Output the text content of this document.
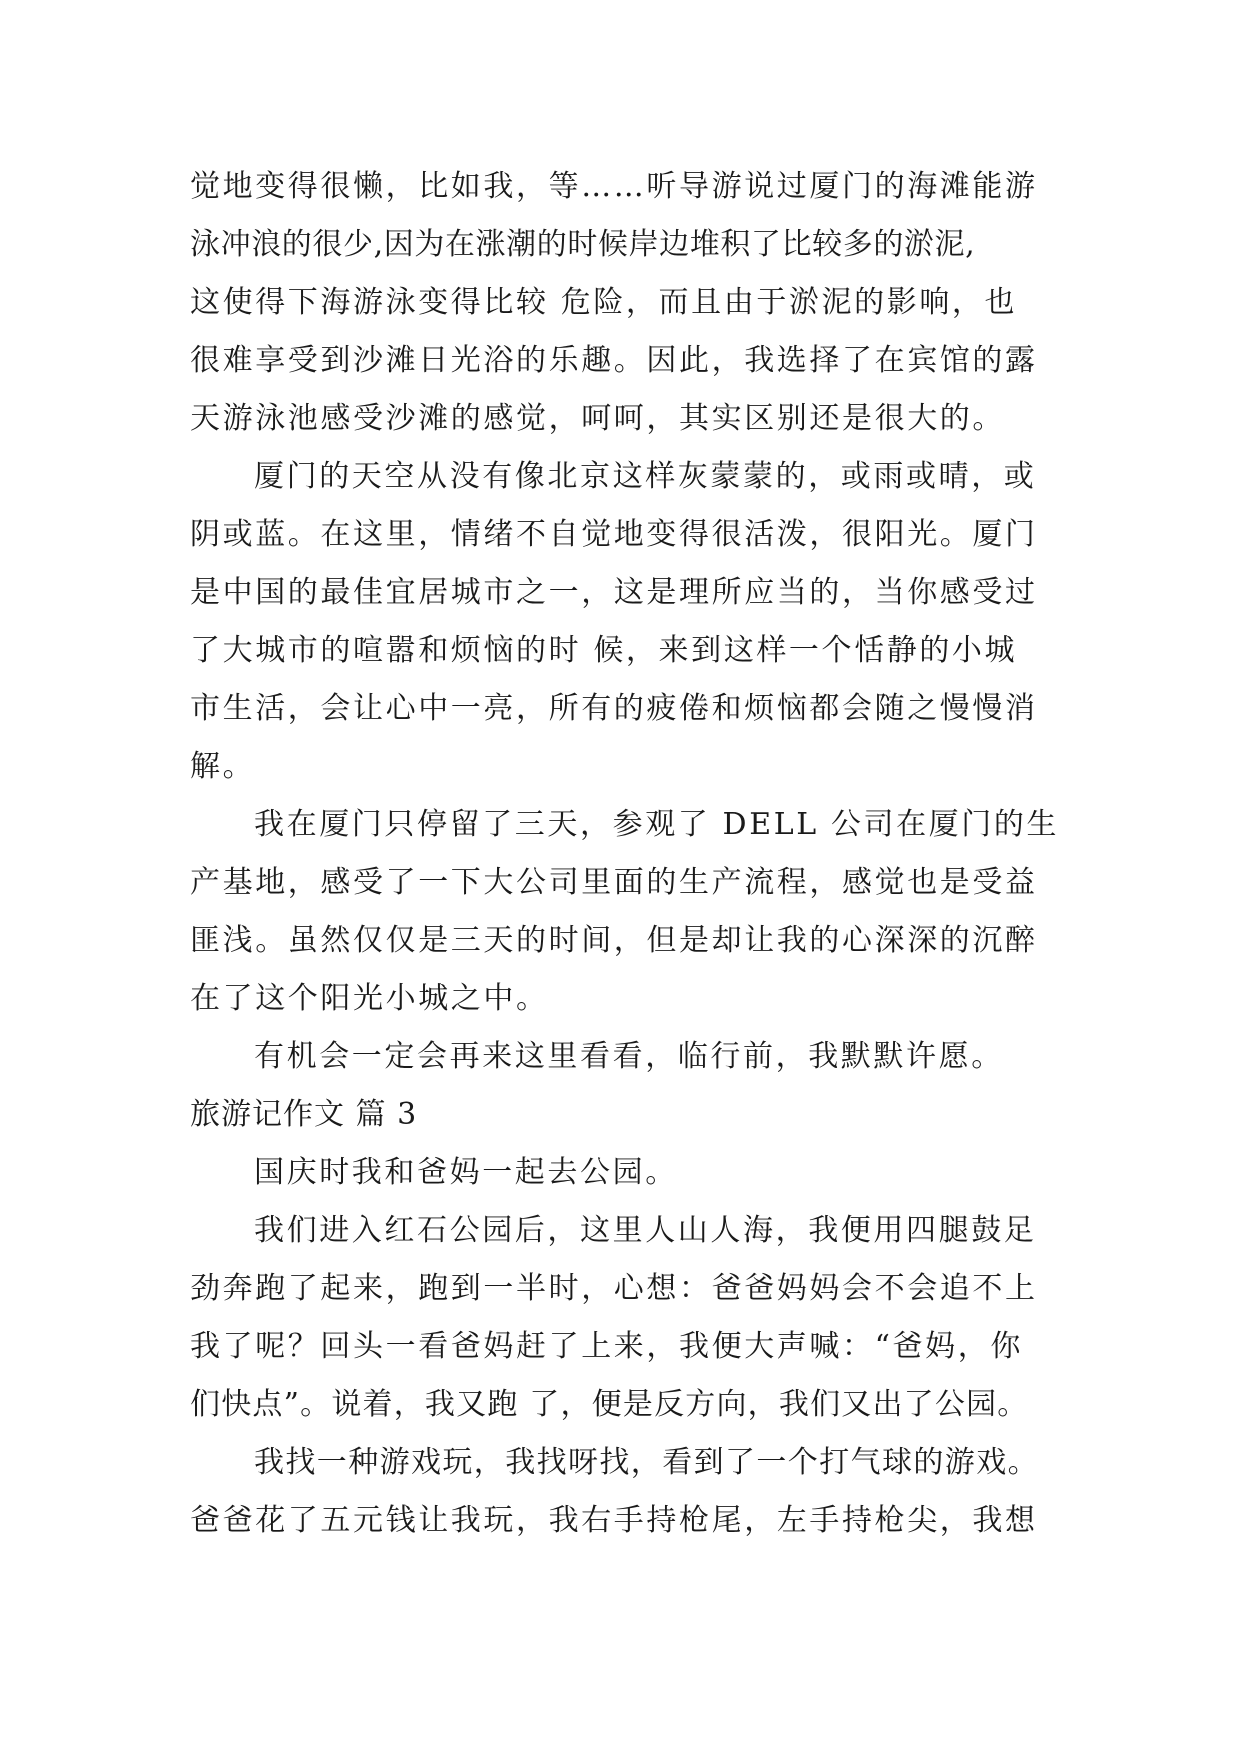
觉地变得很懒，比如我，等……听导游说过厦门的海滩能游
泳冲浪的很少,因为在涨潮的时候岸边堆积了比较多的淤泥,
这使得下海游泳变得比较 危险，而且由于淤泥的影响，也
很难享受到沙滩日光浴的乐趣。因此，我选择了在宾馆的露
天游泳池感受沙滩的感觉，呵呵，其实区别还是很大的。
厦门的天空从没有像北京这样灰蒙蒙的，或雨或晴，或
阴或蓝。在这里，情绪不自觉地变得很活泼，很阳光。厦门
是中国的最佳宜居城市之一，这是理所应当的，当你感受过
了大城市的喧嚣和烦恼的时 候，来到这样一个恬静的小城
市生活，会让心中一亮，所有的疲倦和烦恼都会随之慢慢消
解。
我在厦门只停留了三天，参观了 DELL 公司在厦门的生
产基地，感受了一下大公司里面的生产流程，感觉也是受益
匪浅。虽然仅仅是三天的时间，但是却让我的心深深的沉醉
在了这个阳光小城之中。
有机会一定会再来这里看看，临行前，我默默许愿。
旅游记作文 篇 3
国庆时我和爸妈一起去公园。
我们进入红石公园后，这里人山人海，我便用四腿鼓足
劲奔跑了起来，跑到一半时，心想：爸爸妈妈会不会追不上
我了呢？回头一看爸妈赶了上来，我便大声喊：“爸妈，你
们快点”。说着，我又跑 了，便是反方向，我们又出了公园。
我找一种游戏玩，我找呀找，看到了一个打气球的游戏。
爸爸花了五元钱让我玩，我右手持枪尾，左手持枪尖，我想
